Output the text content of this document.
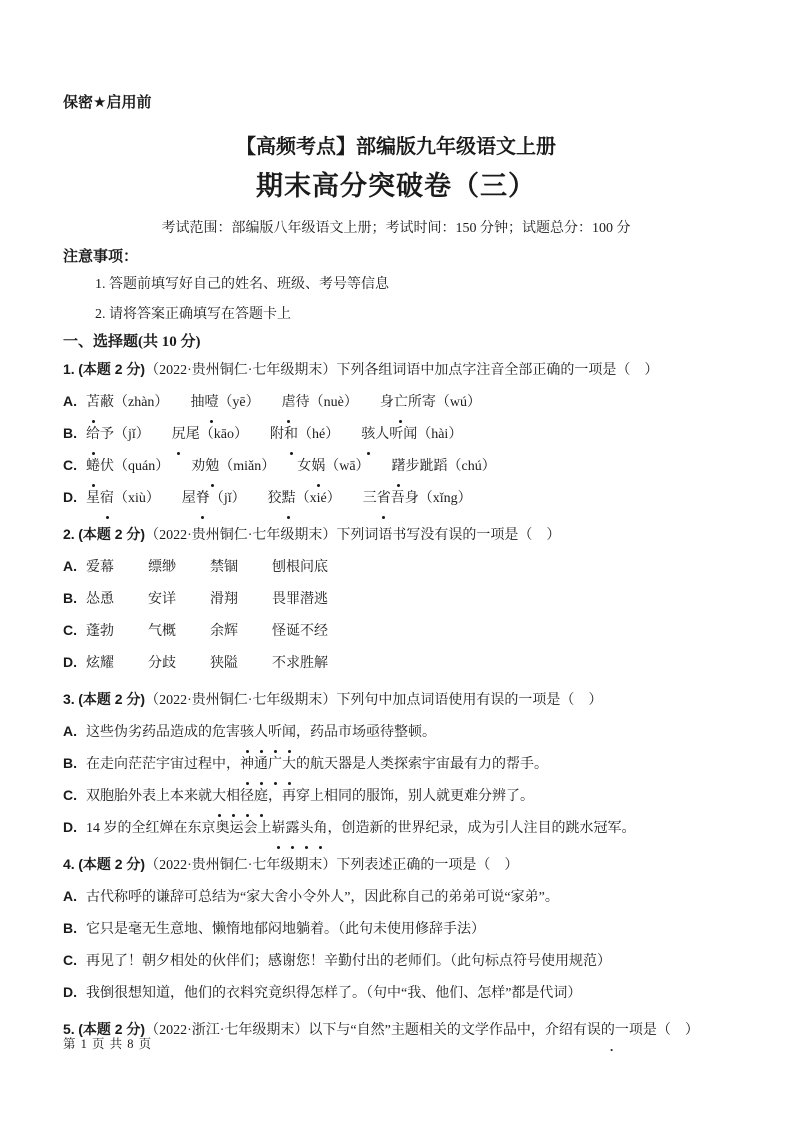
保密★启用前
【高频考点】部编版九年级语文上册
期末高分突破卷（三）
考试范围：部编版八年级语文上册；考试时间：150 分钟；试题总分：100 分
注意事项：
1. 答题前填写好自己的姓名、班级、考号等信息
2. 请将答案正确填写在答题卡上
一、选择题(共 10 分)

1. (本题 2 分)（2022·贵州铜仁·七年级期末）下列各组词语中加点字注音全部正确的一项是（    ）

A. 苫蔽（zhàn） 抽噎（yē） 虐待（nuè） 身亡所寄（wú）

B. 给予（jǐ） 尻尾（kāo） 附和（hé） 骇人听闻（hài）

C. 蜷伏（quán） 劝勉（miǎn） 女娲（wā） 躇步跐蹈（chú）

D. 星宿（xiù） 屋脊（jǐ） 狡黠（xié） 三省吾身（xǐng）

2. (本题 2 分)（2022·贵州铜仁·七年级期末）下列词语书写没有误的一项是（    ）

A. 爱幕 缥缈 禁锢 刨根问底

B. 怂恿 安详 滑翔 畏罪潜逃

C. 蓬勃 气概 余辉 怪诞不经

D. 炫耀 分歧 狭隘 不求胜解

3. (本题 2 分)（2022·贵州铜仁·七年级期末）下列句中加点词语使用有误的一项是（    ）

A. 这些伪劣药品造成的危害骇人听闻，药品市场亟待整顿。

B. 在走向茫茫宇宙过程中，神通广大的航天器是人类探索宇宙最有力的帮手。

C. 双胞胎外表上本来就大相径庭，再穿上相同的服饰，别人就更难分辨了。

D. 14 岁的全红婵在东京奥运会上崭露头角，创造新的世界纪录，成为引人注目的跳水冠军。

4. (本题 2 分)（2022·贵州铜仁·七年级期末）下列表述正确的一项是（    ）

A. 古代称呼的谦辞可总结为“家大舍小令外人”，因此称自己的弟弟可说“家弟”。

B. 它只是毫无生意地、懒惰地郁闷地躺着。（此句未使用修辞手法）

C. 再见了！朝夕相处的伙伴们；感谢您！辛勤付出的老师们。（此句标点符号使用规范）

D. 我倒很想知道，他们的衣料究竟织得怎样了。（句中“我、他们、怎样”都是代词）

5. (本题 2 分)（2022·浙江·七年级期末）以下与“自然”主题相关的文学作品中，介绍有误的一项是（    ）

第 1 页 共 8 页	.
